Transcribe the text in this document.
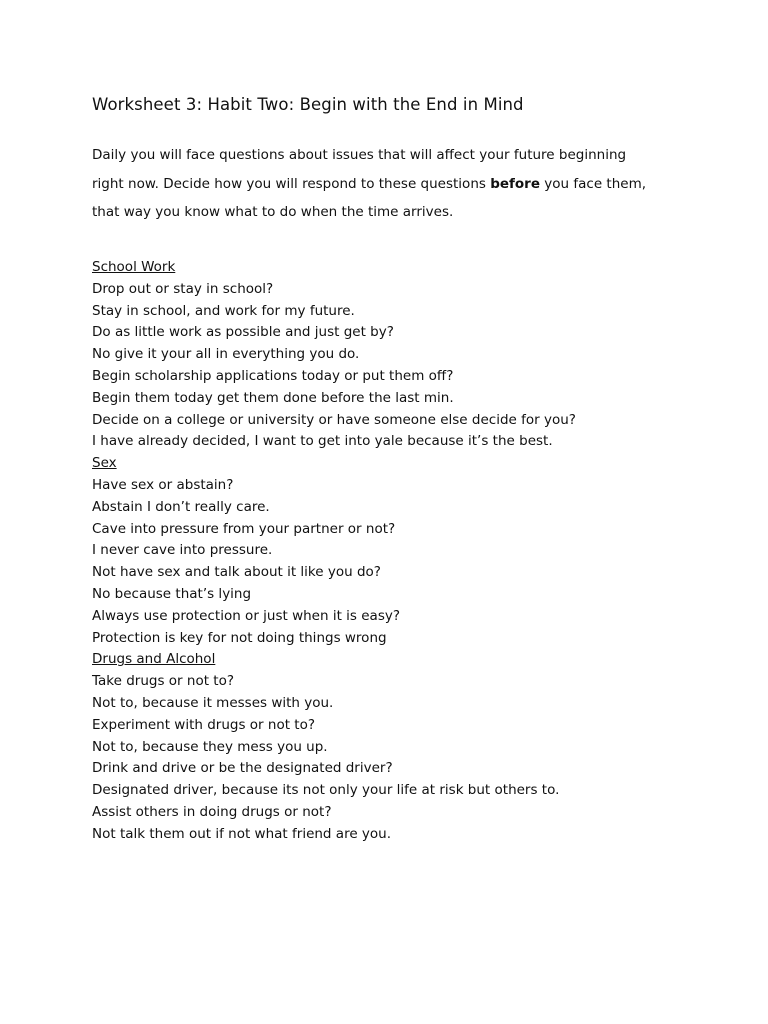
Worksheet 3: Habit Two: Begin with the End in Mind
Daily you will face questions about issues that will affect your future beginning
right now. Decide how you will respond to these questions before you face them,
that way you know what to do when the time arrives.
School Work
Drop out or stay in school?
Stay in school, and work for my future.
Do as little work as possible and just get by?
No give it your all in everything you do.
Begin scholarship applications today or put them off?
Begin them today get them done before the last min.
Decide on a college or university or have someone else decide for you?
I have already decided, I want to get into yale because it’s the best.
Sex
Have sex or abstain?
Abstain I don’t really care.
Cave into pressure from your partner or not?
I never cave into pressure.
Not have sex and talk about it like you do?
No because that’s lying
Always use protection or just when it is easy?
Protection is key for not doing things wrong
Drugs and Alcohol
Take drugs or not to?
Not to, because it messes with you.
Experiment with drugs or not to?
Not to, because they mess you up.
Drink and drive or be the designated driver?
Designated driver, because its not only your life at risk but others to.
Assist others in doing drugs or not?
Not talk them out if not what friend are you.
